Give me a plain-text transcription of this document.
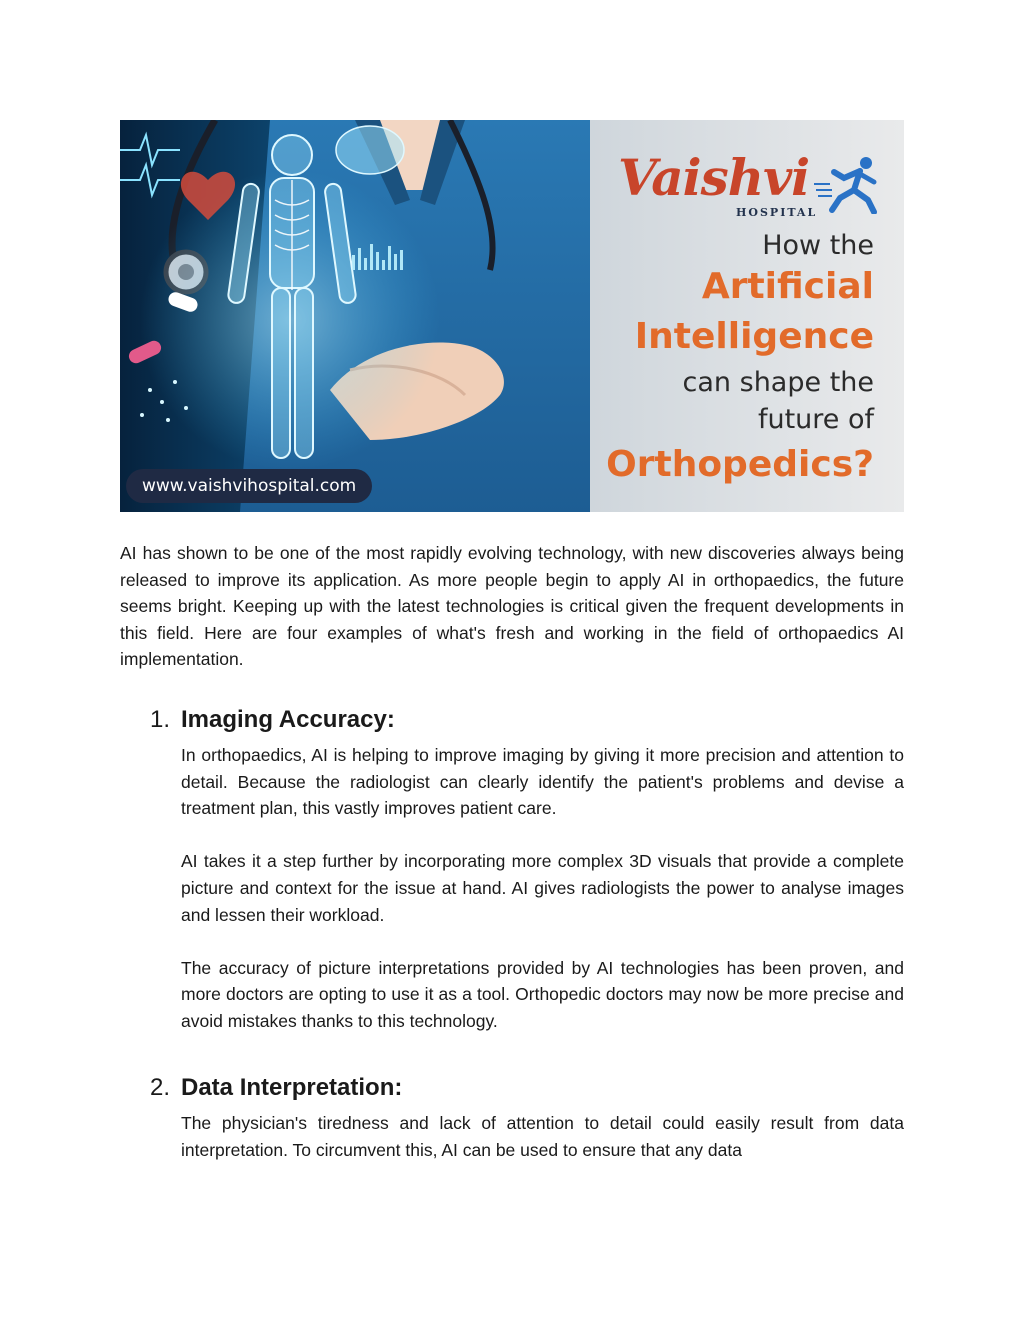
Vaishvi
HOSPITAL
How the
Artificial
Intelligence
can shape the
future of
Orthopedics?
www.vaishvihospital.com

AI has shown to be one of the most rapidly evolving technology, with new discoveries always being released to improve its application. As more people begin to apply AI in orthopaedics, the future seems bright. Keeping up with the latest technologies is critical given the frequent developments in this field. Here are four examples of what's fresh and working in the field of orthopaedics AI implementation.

1. Imaging Accuracy:

In orthopaedics, AI is helping to improve imaging by giving it more precision and attention to detail. Because the radiologist can clearly identify the patient's problems and devise a treatment plan, this vastly improves patient care.

AI takes it a step further by incorporating more complex 3D visuals that provide a complete picture and context for the issue at hand. AI gives radiologists the power to analyse images and lessen their workload.

The accuracy of picture interpretations provided by AI technologies has been proven, and more doctors are opting to use it as a tool. Orthopedic doctors may now be more precise and avoid mistakes thanks to this technology.

2. Data Interpretation:

The physician's tiredness and lack of attention to detail could easily result from data interpretation. To circumvent this, AI can be used to ensure that any data
